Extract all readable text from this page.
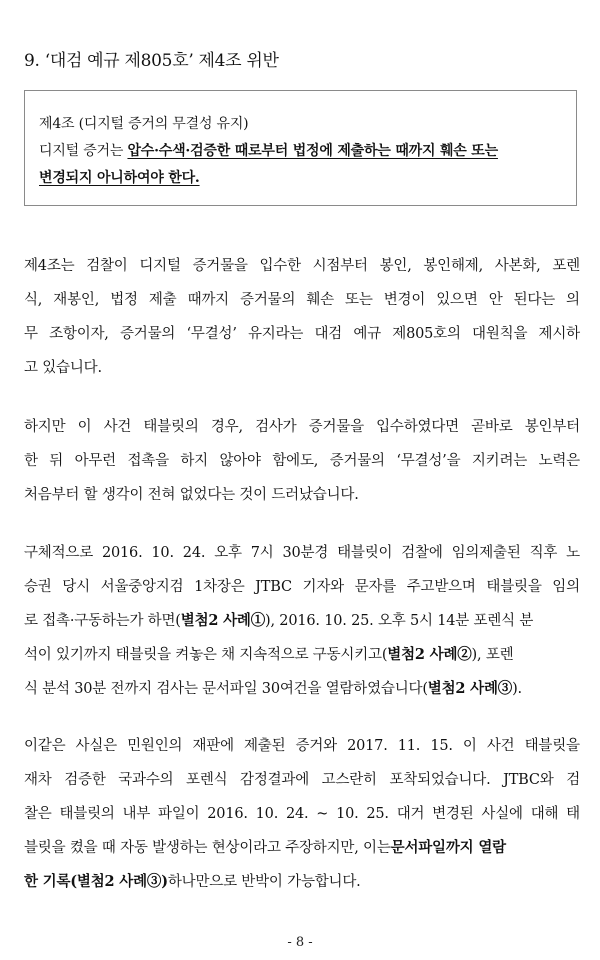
9. ‘대검 예규 제805호’ 제4조 위반
제4조 (디지털 증거의 무결성 유지)
디지털 증거는 압수·수색·검증한 때로부터 법정에 제출하는 때까지 훼손 또는
변경되지 아니하여야 한다.
제4조는 검찰이 디지털 증거물을 입수한 시점부터 봉인, 봉인해제, 사본화, 포렌
식, 재봉인, 법정 제출 때까지 증거물의 훼손 또는 변경이 있으면 안 된다는 의
무 조항이자, 증거물의 ‘무결성’ 유지라는 대검 예규 제805호의 대원칙을 제시하
고 있습니다.
하지만 이 사건 태블릿의 경우, 검사가 증거물을 입수하였다면 곧바로 봉인부터
한 뒤 아무런 접촉을 하지 않아야 함에도, 증거물의 ‘무결성’을 지키려는 노력은
처음부터 할 생각이 전혀 없었다는 것이 드러났습니다.
구체적으로 2016. 10. 24. 오후 7시 30분경 태블릿이 검찰에 임의제출된 직후 노
승권 당시 서울중앙지검 1차장은 JTBC 기자와 문자를 주고받으며 태블릿을 임의
로 접촉·구동하는가 하면( 별첨2 사례① ), 2016. 10. 25. 오후 5시 14분 포렌식 분
석이 있기까지 태블릿을 켜놓은 채 지속적으로 구동시키고( 별첨2 사례② ), 포렌
식 분석 30분 전까지 검사는 문서파일 30여건을 열람하였습니다( 별첨2 사례③ ).
이같은 사실은 민원인의 재판에 제출된 증거와 2017. 11. 15. 이 사건 태블릿을
재차 검증한 국과수의 포렌식 감정결과에 고스란히 포착되었습니다. JTBC와 검
찰은 태블릿의 내부 파일이 2016. 10. 24. ~ 10. 25. 대거 변경된 사실에 대해 태
블릿을 켰을 때 자동 발생하는 현상이라고 주장하지만, 이는 문서파일까지 열람
한 기록(별첨2 사례③) 하나만으로 반박이 가능합니다.
- 8 -
